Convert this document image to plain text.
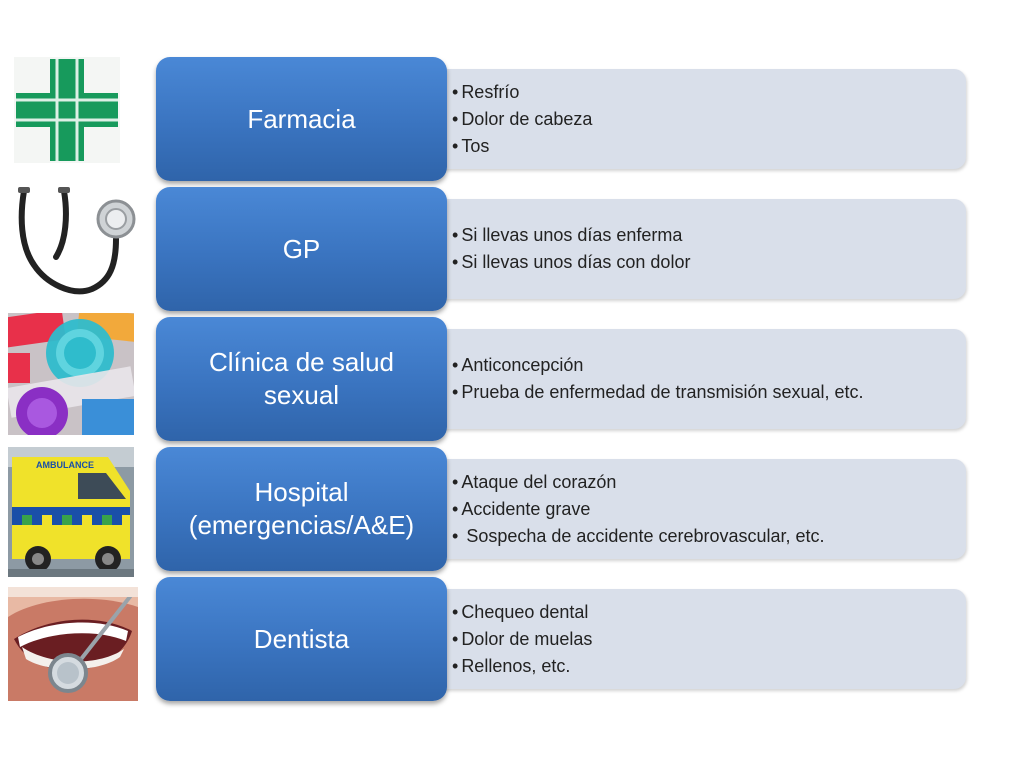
• Resfrío
• Dolor de cabeza
• Tos
Farmacia
• Si llevas unos días enferma
• Si llevas unos días con dolor
GP
• Anticoncepción
• Prueba de enfermedad de transmisión sexual, etc.
Clínica de salud sexual
AMBULANCE
• Ataque del corazón
• Accidente grave
• Sospecha de accidente cerebrovascular, etc.
Hospital (emergencias/A&E)
• Chequeo dental
• Dolor de muelas
• Rellenos, etc.
Dentista
